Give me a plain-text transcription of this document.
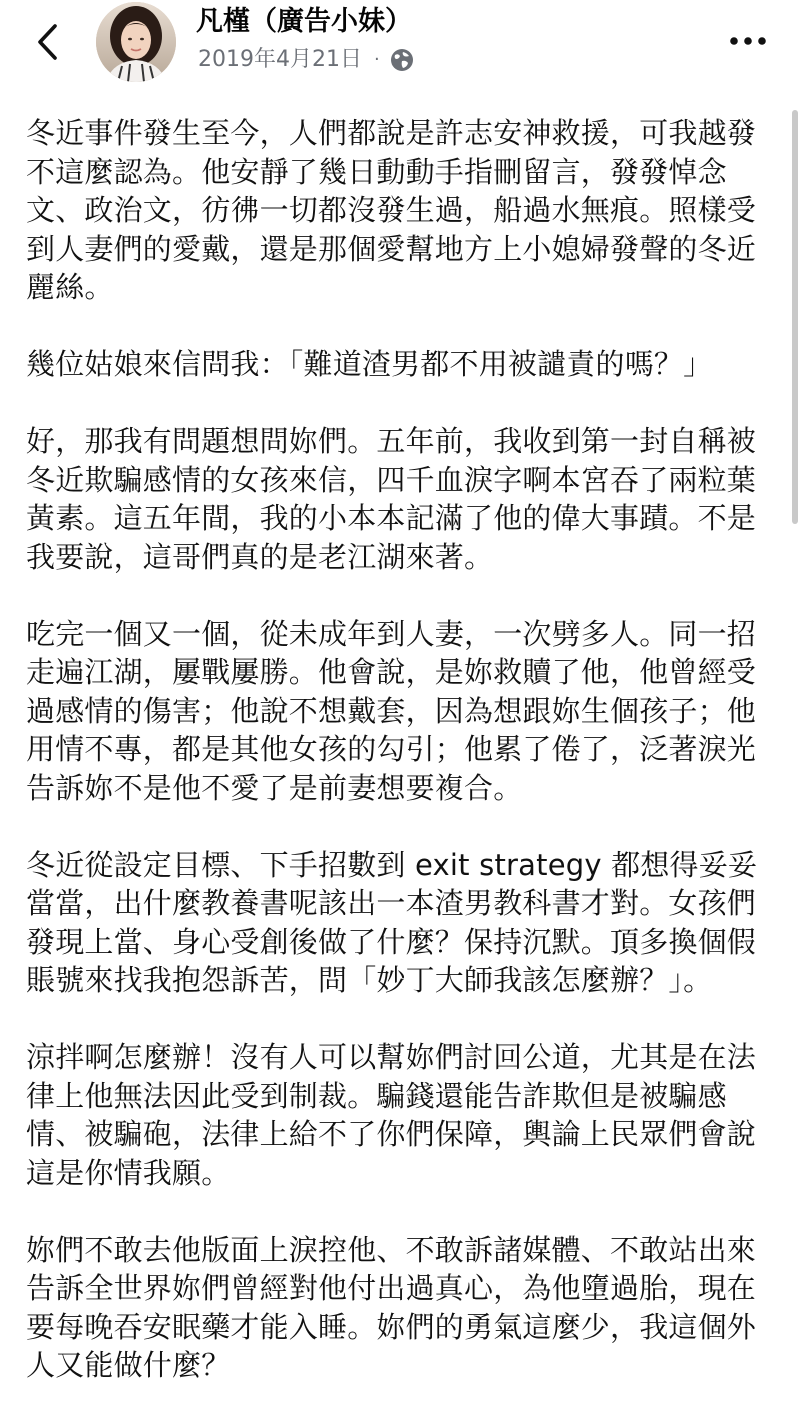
凡槿（廣告小妹）
2019年4月21日 ·

冬近事件發生至今，人們都說是許志安神救援，可我越發不這麼認為。他安靜了幾日動動手指刪留言，發發悼念文、政治文，彷彿一切都沒發生過，船過水無痕。照樣受到人妻們的愛戴，還是那個愛幫地方上小媳婦發聲的冬近麗絲。

幾位姑娘來信問我：「難道渣男都不用被譴責的嗎？」

好，那我有問題想問妳們。五年前，我收到第一封自稱被冬近欺騙感情的女孩來信，四千血淚字啊本宮吞了兩粒葉黃素。這五年間，我的小本本記滿了他的偉大事蹟。不是我要說，這哥們真的是老江湖來著。

吃完一個又一個，從未成年到人妻，一次劈多人。同一招走遍江湖，屢戰屢勝。他會說，是妳救贖了他，他曾經受過感情的傷害；他說不想戴套，因為想跟妳生個孩子；他用情不專，都是其他女孩的勾引；他累了倦了，泛著淚光告訴妳不是他不愛了是前妻想要複合。

冬近從設定目標、下手招數到 exit strategy 都想得妥妥當當，出什麼教養書呢該出一本渣男教科書才對。女孩們發現上當、身心受創後做了什麼？保持沉默。頂多換個假賬號來找我抱怨訴苦，問「妙丁大師我該怎麼辦？」。

涼拌啊怎麼辦！沒有人可以幫妳們討回公道，尤其是在法律上他無法因此受到制裁。騙錢還能告詐欺但是被騙感情、被騙砲，法律上給不了你們保障，輿論上民眾們會說這是你情我願。

妳們不敢去他版面上淚控他、不敢訴諸媒體、不敢站出來告訴全世界妳們曾經對他付出過真心，為他墮過胎，現在要每晚吞安眠藥才能入睡。妳們的勇氣這麼少，我這個外人又能做什麼？
